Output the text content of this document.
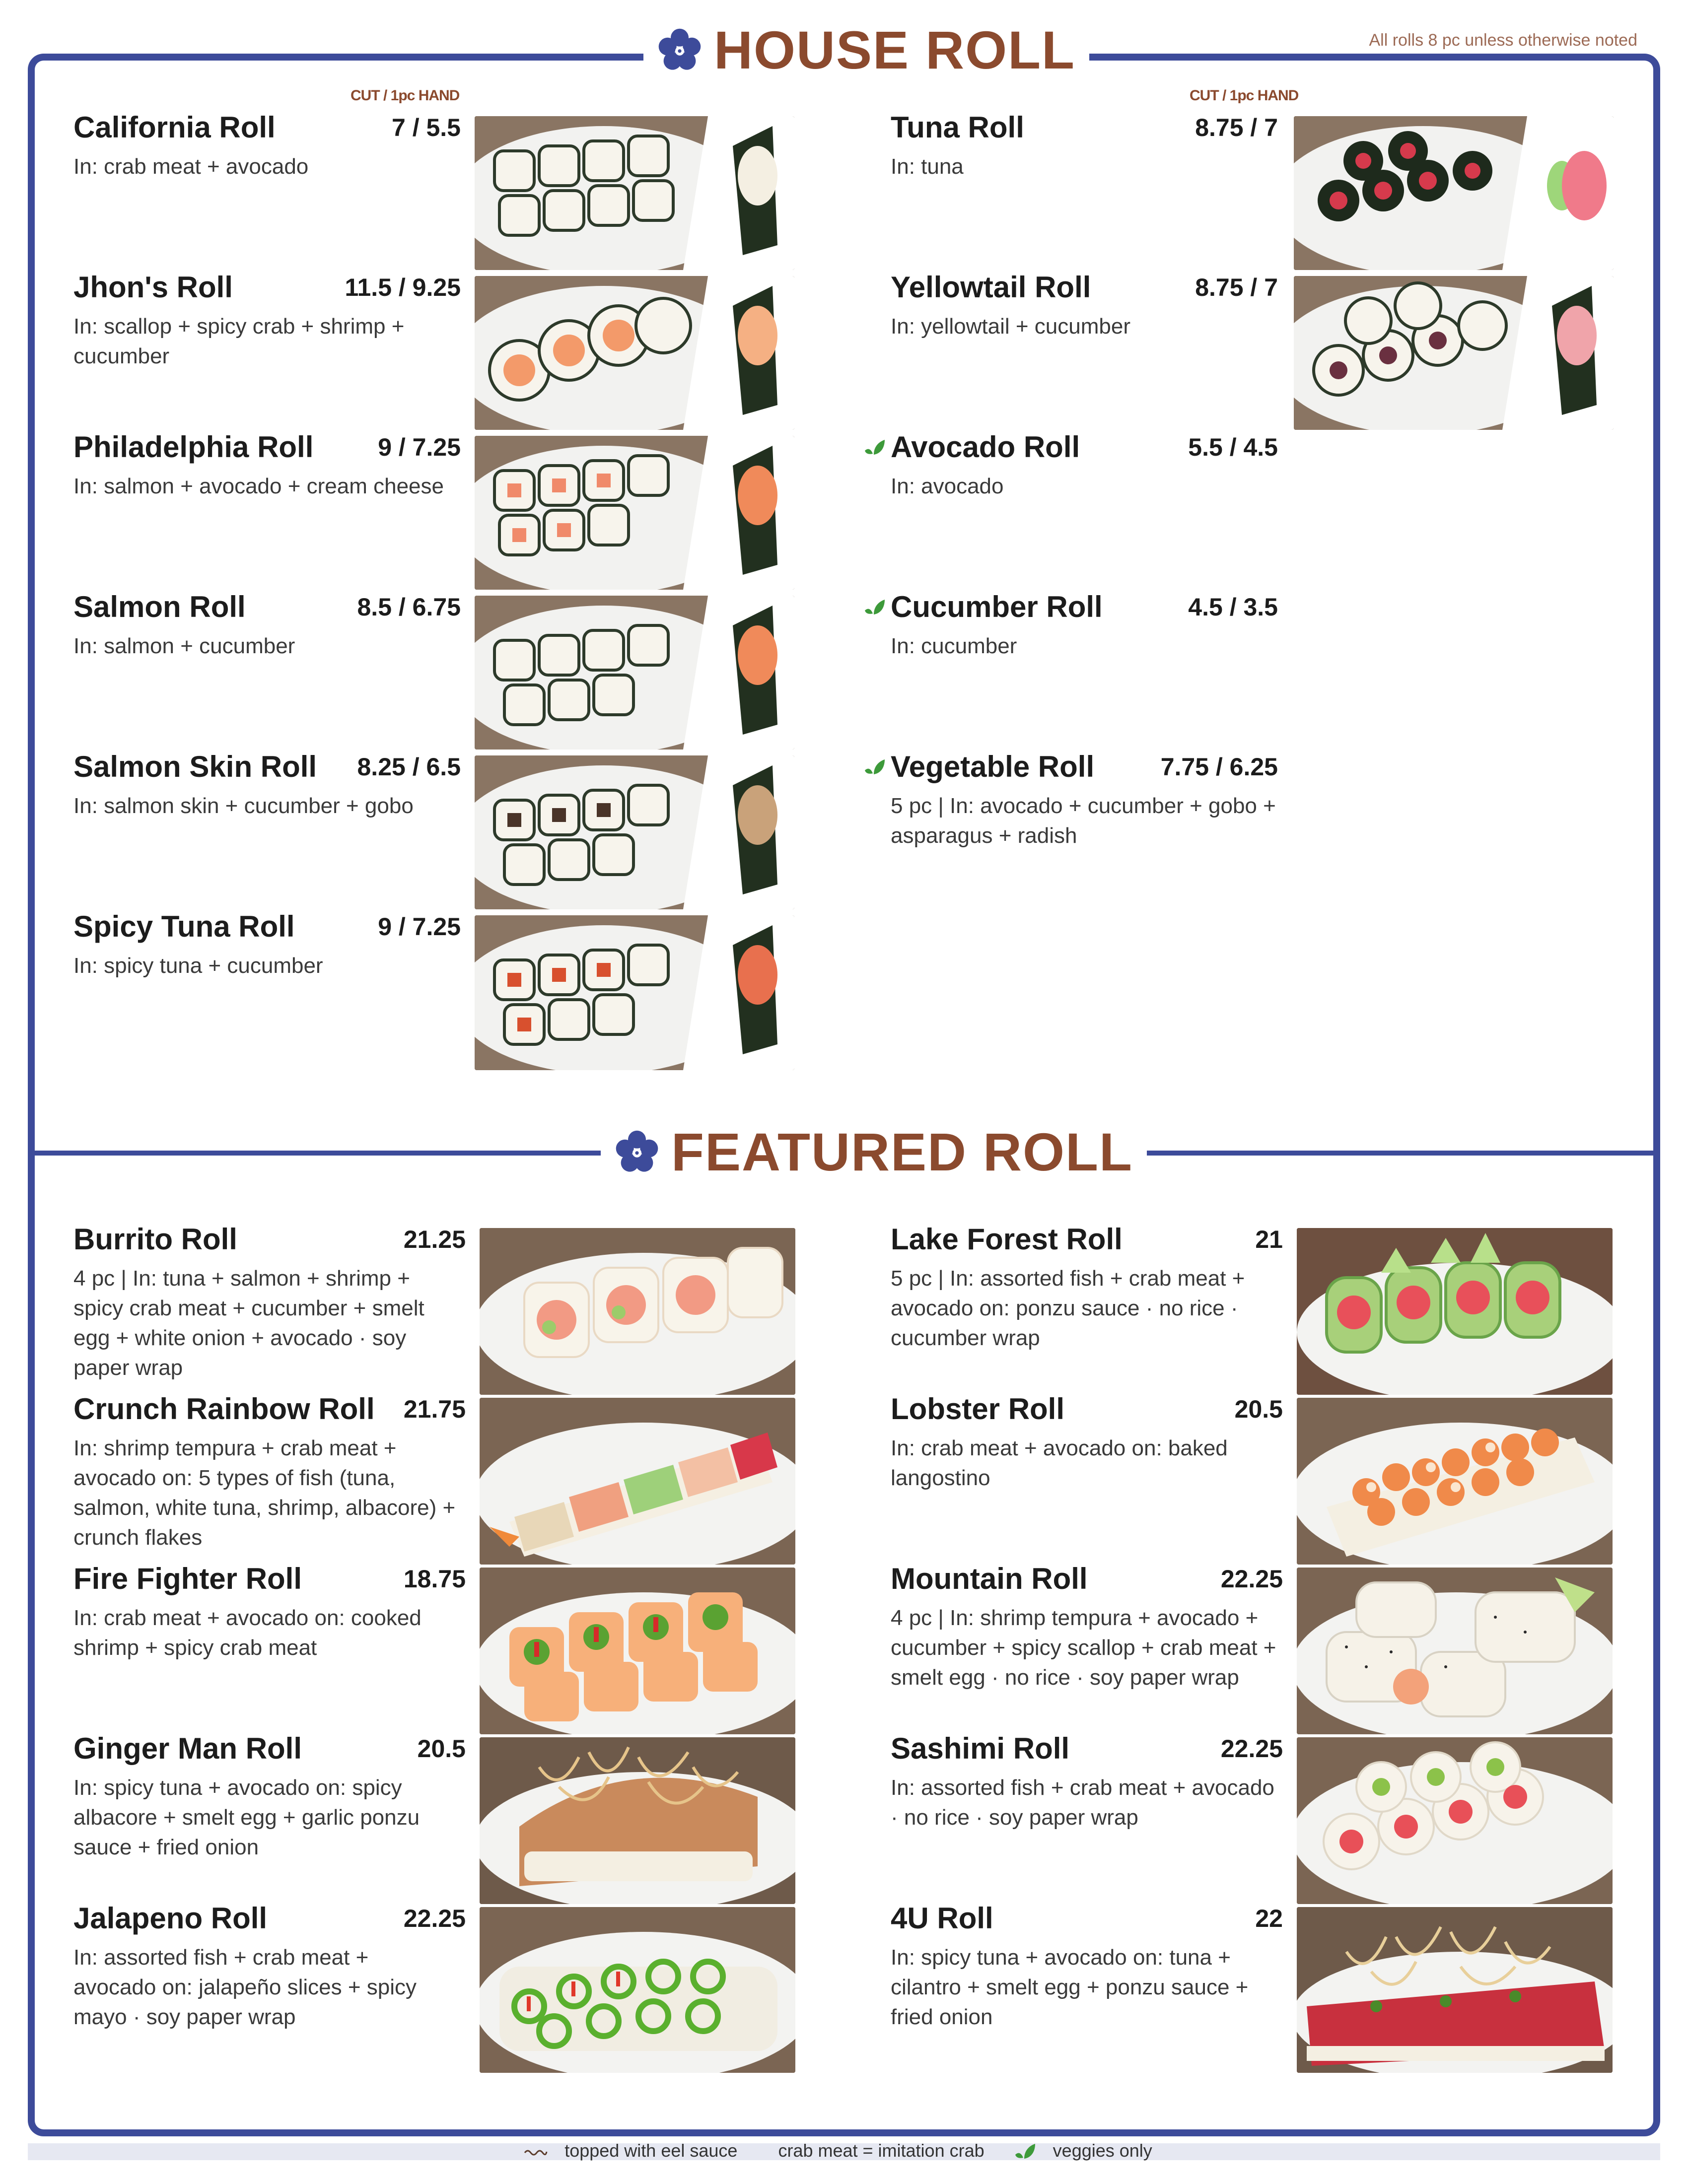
HOUSE ROLL	All rolls 8 pc unless otherwise noted
FEATURED ROLL
CUT / 1pc HAND	CUT / 1pc HAND
California Roll	7 / 5.5
In: crab meat + avocado
Jhon's Roll	11.5 / 9.25
In: scallop + spicy crab + shrimp + cucumber
Philadelphia Roll	9 / 7.25
In: salmon + avocado + cream cheese
Salmon Roll	8.5 / 6.75
In: salmon + cucumber
Salmon Skin Roll 8.25 / 6.5
In: salmon skin + cucumber + gobo
Spicy Tuna Roll	9 / 7.25
In: spicy tuna + cucumber
Tuna Roll	8.75 / 7
In: tuna
Yellowtail Roll	8.75 / 7
In: yellowtail + cucumber
Avocado Roll	5.5 / 4.5
In: avocado
Cucumber Roll	4.5 / 3.5
In: cucumber
Vegetable Roll	7.75 / 6.25
5 pc | In: avocado + cucumber + gobo + asparagus + radish
Burrito Roll	21.25
4 pc | In: tuna + salmon + shrimp + spicy crab meat + cucumber + smelt egg + white onion + avocado · soy paper wrap
Crunch Rainbow Roll 21.75
In: shrimp tempura + crab meat + avocado on: 5 types of fish (tuna, salmon, white tuna, shrimp, albacore) + crunch flakes
Fire Fighter Roll	18.75
In: crab meat + avocado on: cooked shrimp + spicy crab meat
Ginger Man Roll	20.5
In: spicy tuna + avocado on: spicy albacore + smelt egg + garlic ponzu sauce + fried onion
Jalapeno Roll	22.25
In: assorted fish + crab meat + avocado on: jalapeño slices + spicy mayo · soy paper wrap
Lake Forest Roll	21
5 pc | In: assorted fish + crab meat + avocado on: ponzu sauce · no rice · cucumber wrap
Lobster Roll	20.5
In: crab meat + avocado on: baked langostino
Mountain Roll	22.25
4 pc | In: shrimp tempura + avocado + cucumber + spicy scallop + crab meat + smelt egg · no rice · soy paper wrap
Sashimi Roll	22.25
In: assorted fish + crab meat + avocado · no rice · soy paper wrap
4U Roll	22
In: spicy tuna + avocado on: tuna + cilantro + smelt egg + ponzu sauce + fried onion
topped with eel sauce crab meat = imitation crab	veggies only
